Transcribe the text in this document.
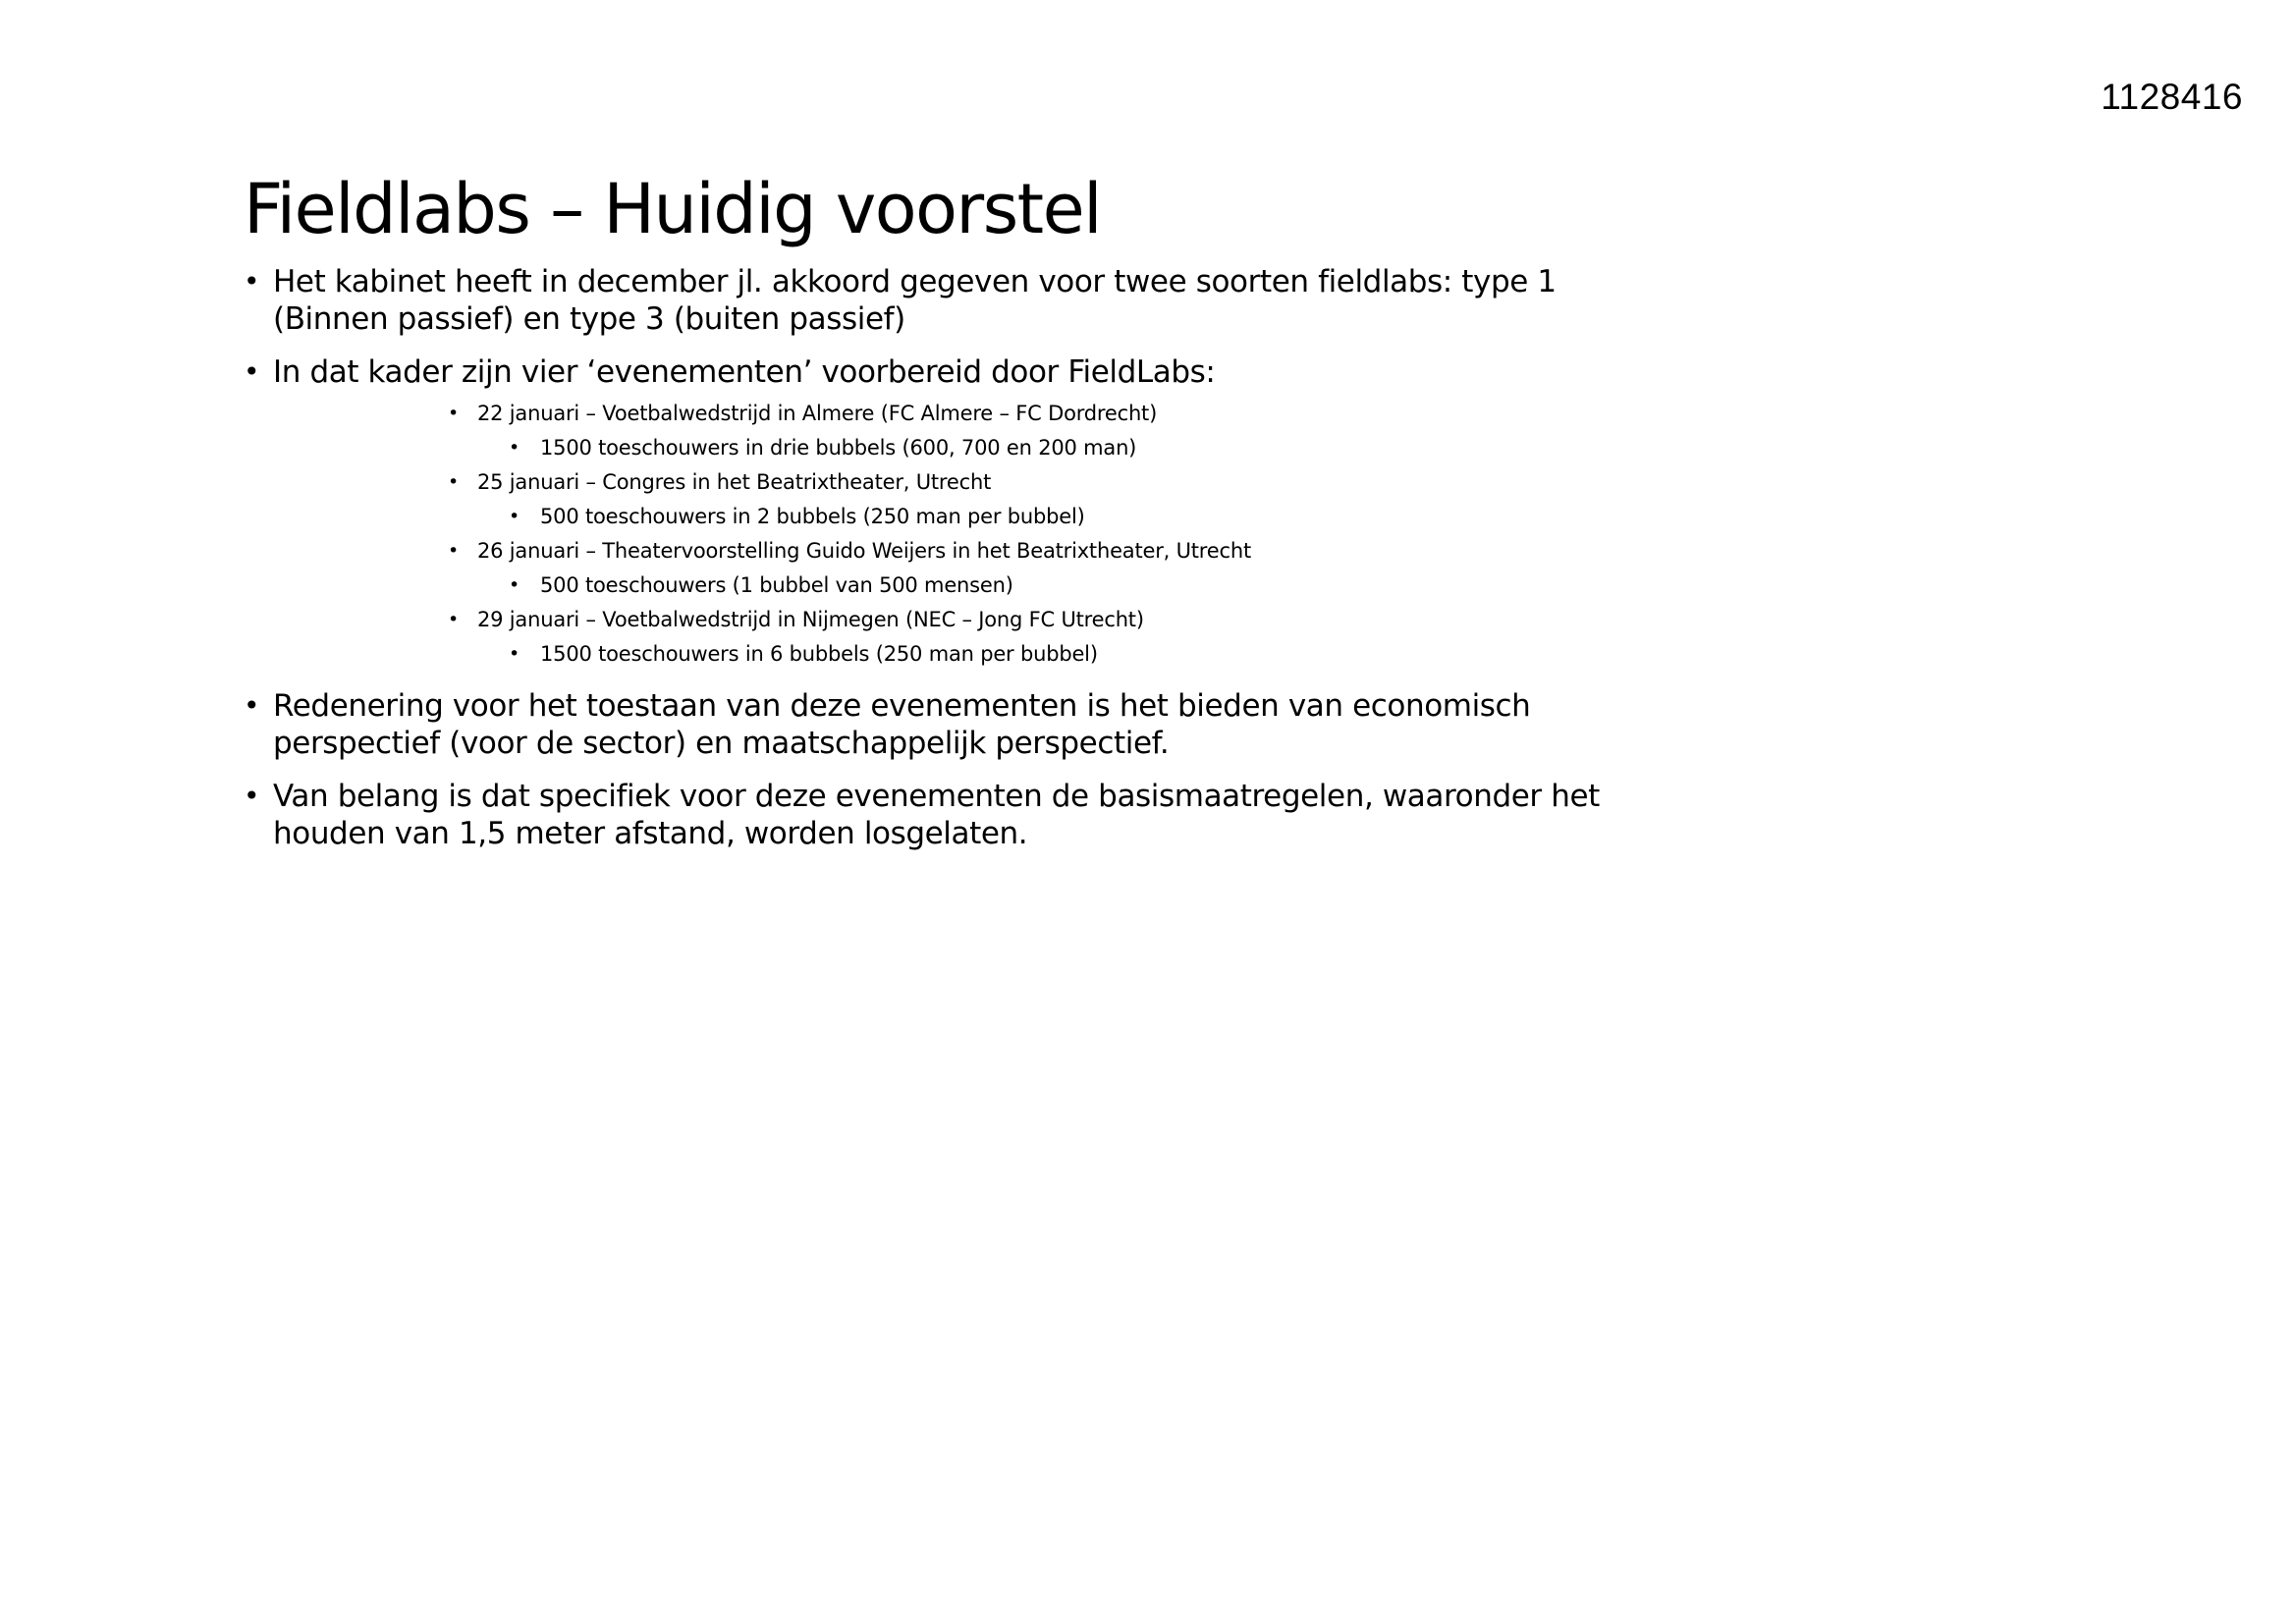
1128416
Fieldlabs – Huidig voorstel
• Het kabinet heeft in december jl. akkoord gegeven voor twee soorten fieldlabs: type 1 (Binnen passief) en type 3 (buiten passief)
• In dat kader zijn vier ‘evenementen’ voorbereid door FieldLabs:
• 22 januari – Voetbalwedstrijd in Almere (FC Almere – FC Dordrecht)
• 1500 toeschouwers in drie bubbels (600, 700 en 200 man)
• 25 januari – Congres in het Beatrixtheater, Utrecht
• 500 toeschouwers in 2 bubbels (250 man per bubbel)
• 26 januari – Theatervoorstelling Guido Weijers in het Beatrixtheater, Utrecht
• 500 toeschouwers (1 bubbel van 500 mensen)
• 29 januari – Voetbalwedstrijd in Nijmegen (NEC – Jong FC Utrecht)
• 1500 toeschouwers in 6 bubbels (250 man per bubbel)
• Redenering voor het toestaan van deze evenementen is het bieden van economisch perspectief (voor de sector) en maatschappelijk perspectief.
• Van belang is dat specifiek voor deze evenementen de basismaatregelen, waaronder het houden van 1,5 meter afstand, worden losgelaten.
